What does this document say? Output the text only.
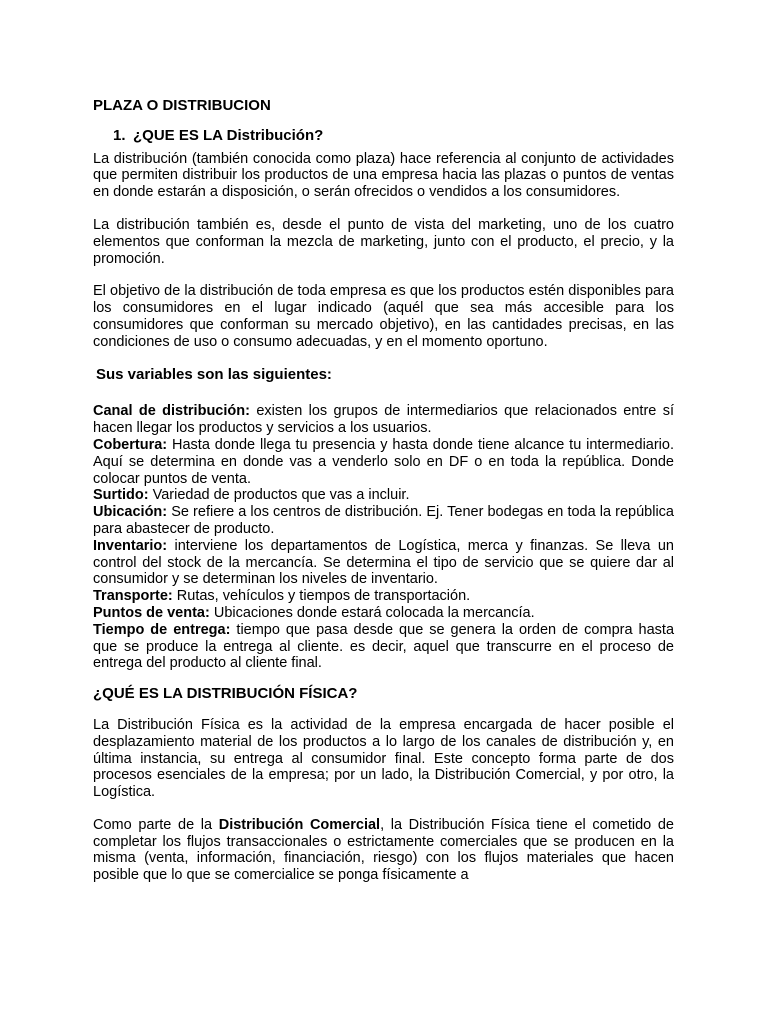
PLAZA O DISTRIBUCION
1. ¿QUE ES LA Distribución?

La distribución (también conocida como plaza) hace referencia al conjunto de actividades que permiten distribuir los productos de una empresa hacia las plazas o puntos de ventas en donde estarán a disposición, o serán ofrecidos o vendidos a los consumidores.

La distribución también es, desde el punto de vista del marketing, uno de los cuatro elementos que conforman la mezcla de marketing, junto con el producto, el precio, y la promoción.

El objetivo de la distribución de toda empresa es que los productos estén disponibles para los consumidores en el lugar indicado (aquél que sea más accesible para los consumidores que conforman su mercado objetivo), en las cantidades precisas, en las condiciones de uso o consumo adecuadas, y en el momento oportuno.

Sus variables son las siguientes:

Canal de distribución: existen los grupos de intermediarios que relacionados entre sí hacen llegar los productos y servicios a los usuarios.

Cobertura: Hasta donde llega tu presencia y hasta donde tiene alcance tu intermediario. Aquí se determina en donde vas a venderlo solo en DF o en toda la república. Donde colocar puntos de venta.

Surtido: Variedad de productos que vas a incluir.

Ubicación: Se refiere a los centros de distribución. Ej. Tener bodegas en toda la república para abastecer de producto.

Inventario: interviene los departamentos de Logística, merca y finanzas. Se lleva un control del stock de la mercancía. Se determina el tipo de servicio que se quiere dar al consumidor y se determinan los niveles de inventario.

Transporte: Rutas, vehículos y tiempos de transportación.

Puntos de venta: Ubicaciones donde estará colocada la mercancía.

Tiempo de entrega: tiempo que pasa desde que se genera la orden de compra hasta que se produce la entrega al cliente. es decir, aquel que transcurre en el proceso de entrega del producto al cliente final.

¿QUÉ ES LA DISTRIBUCIÓN FÍSICA?

La Distribución Física es la actividad de la empresa encargada de hacer posible el desplazamiento material de los productos a lo largo de los canales de distribución y, en última instancia, su entrega al consumidor final. Este concepto forma parte de dos procesos esenciales de la empresa; por un lado, la Distribución Comercial, y por otro, la Logística.

Como parte de la Distribución Comercial, la Distribución Física tiene el cometido de completar los flujos transaccionales o estrictamente comerciales que se producen en la misma (venta, información, financiación, riesgo) con los flujos materiales que hacen posible que lo que se comercialice se ponga físicamente a
